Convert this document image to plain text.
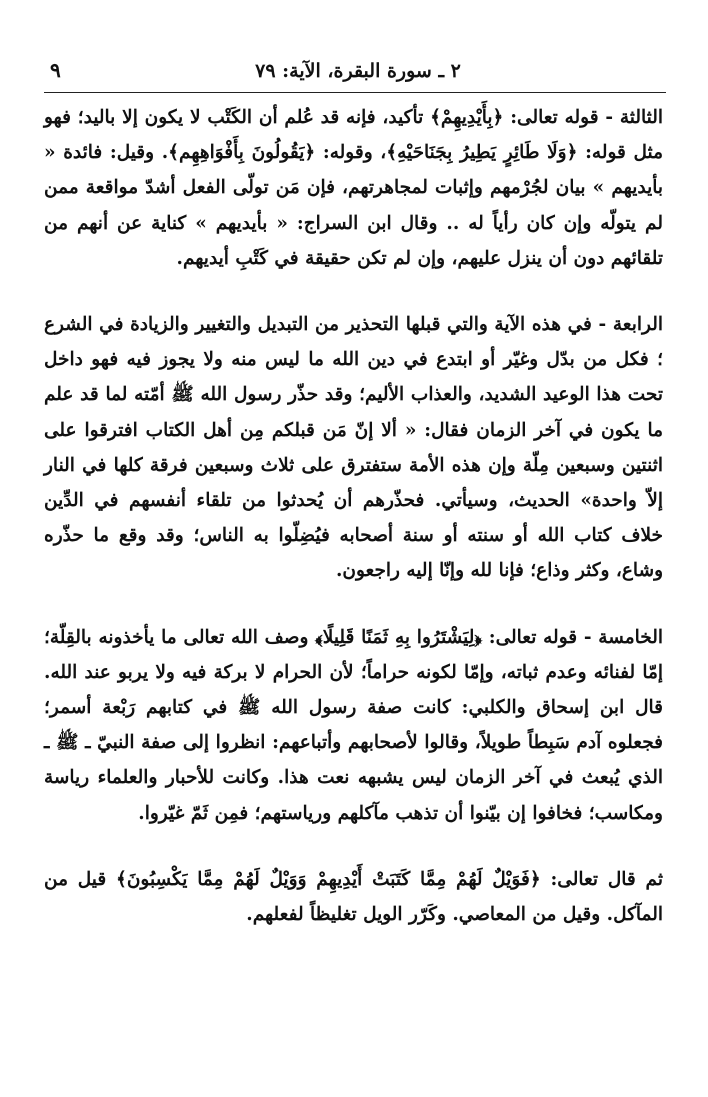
٢ ـ سورة البقرة، الآية: ٧٩
٩

الثالثة - قوله تعالى: ﴿بِأَيْدِيهِمْ﴾ تأكيد، فإنه قد عُلم أن الكَتْب لا يكون إلا باليد؛ فهو مثل قوله: ﴿وَلَا طَائِرٍ يَطِيرُ بِجَنَاحَيْهِ﴾، وقوله: ﴿يَقُولُونَ بِأَفْوَاهِهِم﴾. وقيل: فائدة « بأيديهم » بيان لجُرْمهم وإثبات لمجاهرتهم، فإن مَن تولّى الفعل أشدّ مواقعة ممن لم يتولّه وإن كان رأياً له .. وقال ابن السراج: « بأيديهم » كناية عن أنهم من تلقائهم دون أن ينزل عليهم، وإن لم تكن حقيقة في كَتْبِ أيديهم.

الرابعة - في هذه الآية والتي قبلها التحذير من التبديل والتغيير والزيادة في الشرع ؛ فكل من بدّل وغيّر أو ابتدع في دين الله ما ليس منه ولا يجوز فيه فهو داخل تحت هذا الوعيد الشديد، والعذاب الأليم؛ وقد حذّر رسول الله ﷺ أمّته لما قد علم ما يكون في آخر الزمان فقال: « ألا إنّ مَن قبلكم مِن أهل الكتاب افترقوا على اثنتين وسبعين مِلّة وإن هذه الأمة ستفترق على ثلاث وسبعين فرقة كلها في النار إلاّ واحدة» الحديث، وسيأتي. فحذّرهم أن يُحدثوا من تلقاء أنفسهم في الدِّين خلاف كتاب الله أو سنته أو سنة أصحابه فيُضِلّوا به الناس؛ وقد وقع ما حذّره وشاع، وكثر وذاع؛ فإنا لله وإنّا إليه راجعون.

الخامسة - قوله تعالى: ﴿لِيَشْتَرُوا بِهِ ثَمَنًا قَلِيلًا﴾ وصف الله تعالى ما يأخذونه بالقِلّة؛ إمّا لفنائه وعدم ثباته، وإمّا لكونه حراماً؛ لأن الحرام لا بركة فيه ولا يربو عند الله. قال ابن إسحاق والكلبي: كانت صفة رسول الله ﷺ في كتابهم رَبْعة أسمر؛ فجعلوه آدم سَبِطاً طويلاً، وقالوا لأصحابهم وأتباعهم: انظروا إلى صفة النبيّ ـ ﷺ ـ الذي يُبعث في آخر الزمان ليس يشبهه نعت هذا. وكانت للأحبار والعلماء رياسة ومكاسب؛ فخافوا إن بيّنوا أن تذهب مآكلهم ورياستهم؛ فمِن ثَمّ غيّروا.

ثم قال تعالى: ﴿فَوَيْلٌ لَهُمْ مِمَّا كَتَبَتْ أَيْدِيهِمْ وَوَيْلٌ لَهُمْ مِمَّا يَكْسِبُونَ﴾ قيل من المآكل. وقيل من المعاصي. وكَرّر الويل تغليظاً لفعلهم.
